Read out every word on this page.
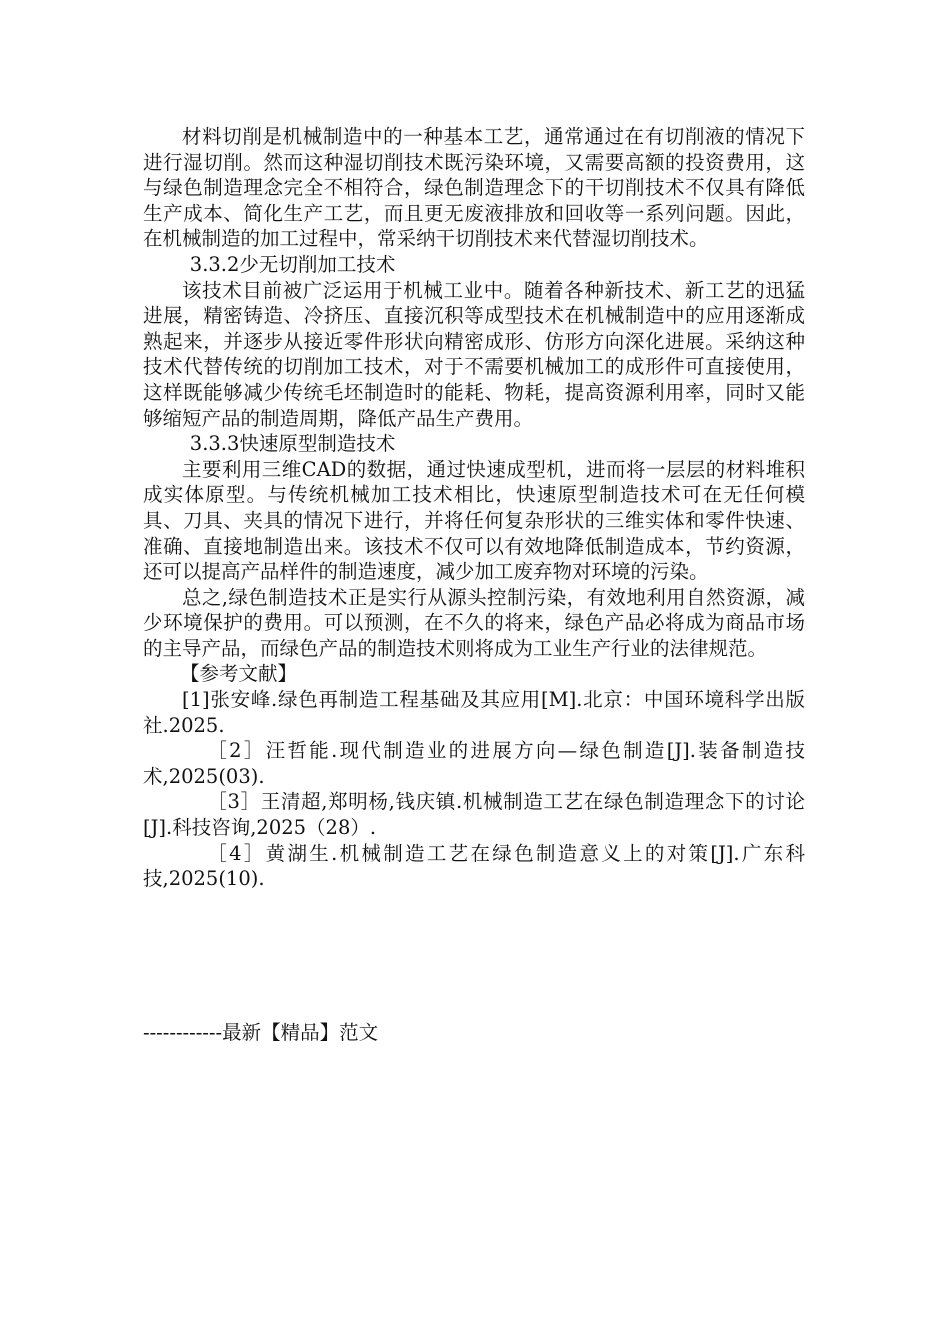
材料切削是机械制造中的一种基本工艺，通常通过在有切削液的情况下进行湿切削。然而这种湿切削技术既污染环境，又需要高额的投资费用，这与绿色制造理念完全不相符合，绿色制造理念下的干切削技术不仅具有降低生产成本、简化生产工艺，而且更无废液排放和回收等一系列问题。因此，在机械制造的加工过程中，常采纳干切削技术来代替湿切削技术。

3.3.2少无切削加工技术

该技术目前被广泛运用于机械工业中。随着各种新技术、新工艺的迅猛进展，精密铸造、冷挤压、直接沉积等成型技术在机械制造中的应用逐渐成熟起来，并逐步从接近零件形状向精密成形、仿形方向深化进展。采纳这种技术代替传统的切削加工技术，对于不需要机械加工的成形件可直接使用，这样既能够减少传统毛坯制造时的能耗、物耗，提高资源利用率，同时又能够缩短产品的制造周期，降低产品生产费用。

3.3.3快速原型制造技术

主要利用三维CAD的数据，通过快速成型机，进而将一层层的材料堆积成实体原型。与传统机械加工技术相比，快速原型制造技术可在无任何模具、刀具、夹具的情况下进行，并将任何复杂形状的三维实体和零件快速、准确、直接地制造出来。该技术不仅可以有效地降低制造成本，节约资源，还可以提高产品样件的制造速度，减少加工废弃物对环境的污染。

总之,绿色制造技术正是实行从源头控制污染，有效地利用自然资源，减少环境保护的费用。可以预测，在不久的将来，绿色产品必将成为商品市场的主导产品，而绿色产品的制造技术则将成为工业生产行业的法律规范。

【参考文献】

[1]张安峰.绿色再制造工程基础及其应用[M].北京：中国环境科学出版社.2025.

［2］汪哲能.现代制造业的进展方向—绿色制造[J].装备制造技术,2025(03).

［3］王清超,郑明杨,钱庆镇.机械制造工艺在绿色制造理念下的讨论[J].科技咨询,2025（28）.

［4］黄湖生.机械制造工艺在绿色制造意义上的对策[J].广东科技,2025(10).

------------最新【精品】范文
